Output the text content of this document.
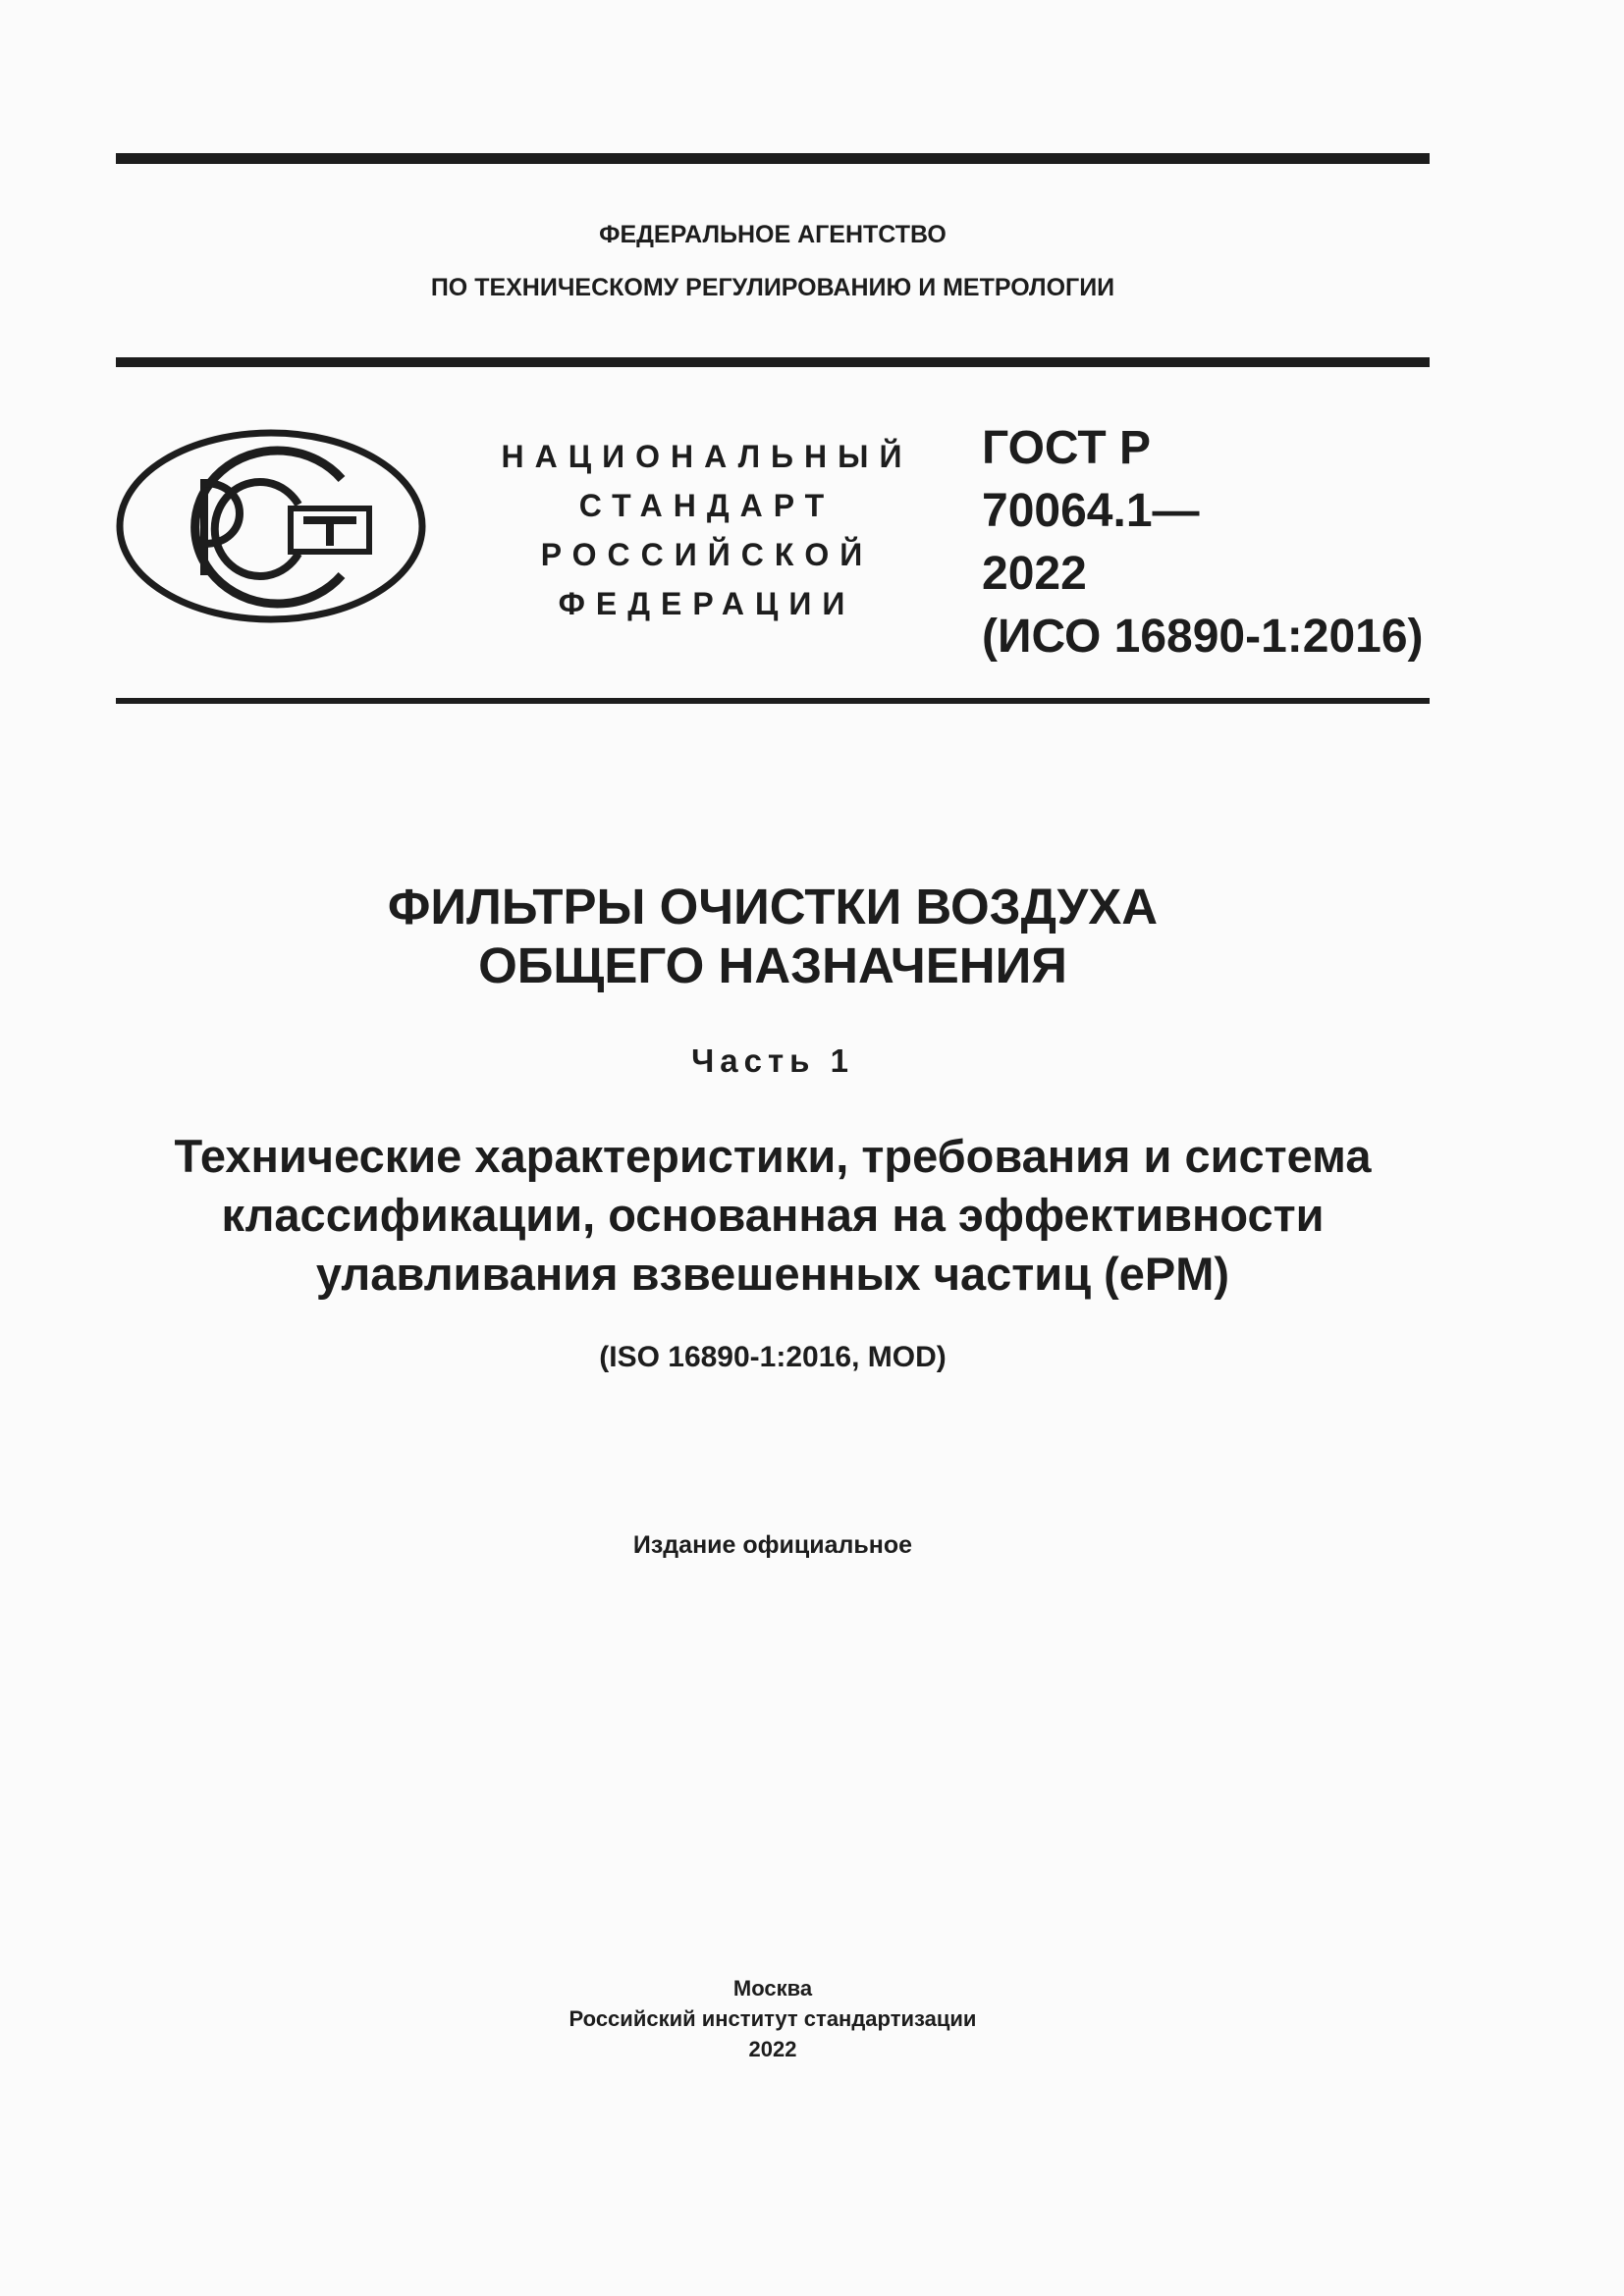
ФЕДЕРАЛЬНОЕ АГЕНТСТВО
ПО ТЕХНИЧЕСКОМУ РЕГУЛИРОВАНИЮ И МЕТРОЛОГИИ
НАЦИОНАЛЬНЫЙ
СТАНДАРТ
РОССИЙСКОЙ
ФЕДЕРАЦИИ
ГОСТ Р
70064.1—
2022
(ИСО 16890-1:2016)
ФИЛЬТРЫ ОЧИСТКИ ВОЗДУХА
ОБЩЕГО НАЗНАЧЕНИЯ
Часть 1
Технические характеристики, требования и система
классификации, основанная на эффективности
улавливания взвешенных частиц (ePM)
(ISO 16890-1:2016, MOD)
Издание официальное
Москва
Российский институт стандартизации
2022
